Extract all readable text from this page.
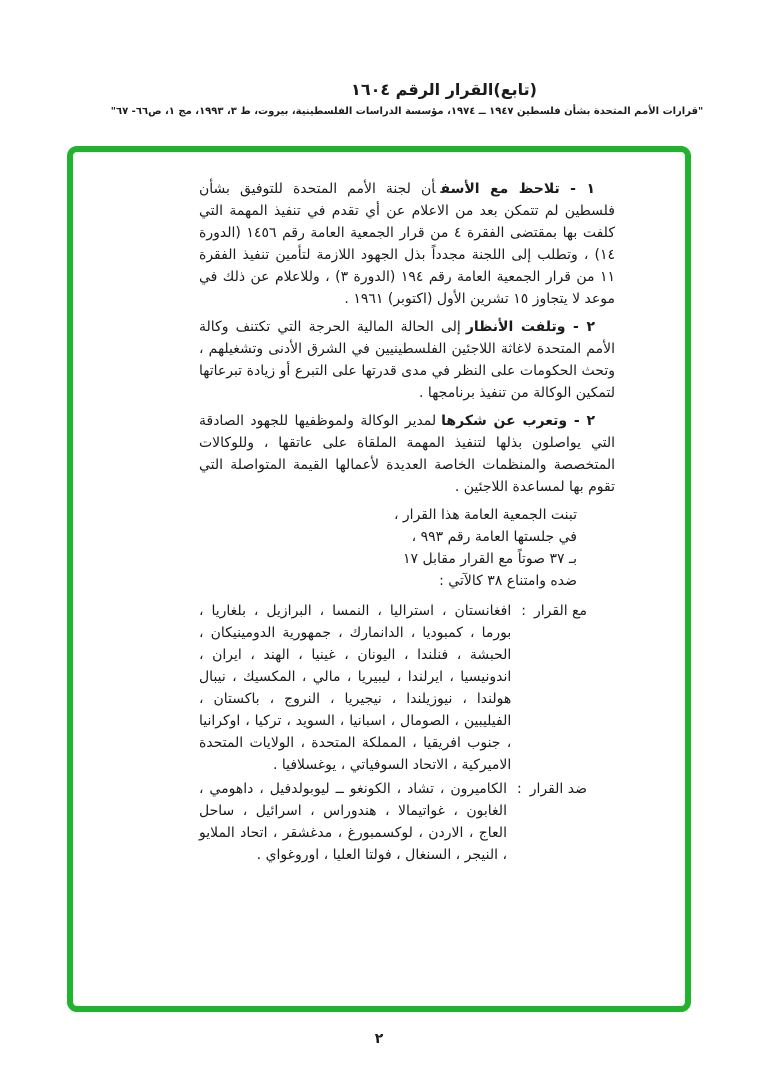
(تابع)القرار الرقم ١٦٠٤
"قرارات الأمم المتحدة بشأن فلسطين ١٩٤٧ ــ ١٩٧٤، مؤسسة الدراسات الفلسطينية، بيروت، ط ٣، ١٩٩٣، مج ١، ص٦٦- ٦٧"

١ - تلاحظ مع الأسفأن لجنة الأمم المتحدة للتوفيق بشأن فلسطين لم تتمكن بعد من الاعلام عن أي تقدم في تنفيذ المهمة التي كلفت بها بمقتضى الفقرة ٤ من قرار الجمعية العامة رقم ١٤٥٦ (الدورة ١٤) ، وتطلب إلى اللجنة مجدداً بذل الجهود اللازمة لتأمين تنفيذ الفقرة ١١ من قرار الجمعية العامة رقم ١٩٤ (الدورة ٣) ، وللاعلام عن ذلك في موعد لا يتجاوز ١٥ تشرين الأول (اكتوبر) ١٩٦١ .

٢ - وتلفت الأنظارإلى الحالة المالية الحرجة التي تكتنف وكالة الأمم المتحدة لاغاثة اللاجئين الفلسطينيين في الشرق الأدنى وتشغيلهم ، وتحث الحكومات على النظر في مدى قدرتها على التبرع أو زيادة تبرعاتها لتمكين الوكالة من تنفيذ برنامجها .

٢ - وتعرب عن شكرهالمدير الوكالة ولموظفيها للجهود الصادقة التي يواصلون بذلها لتنفيذ المهمة الملقاة على عاتقها ، وللوكالات المتخصصة والمنظمات الخاصة العديدة لأعمالها القيمة المتواصلة التي تقوم بها لمساعدة اللاجئين .

تبنت الجمعية العامة هذا القرار ،
في جلستها العامة رقم ٩٩٣ ،
بـ ٣٧ صوتاً مع القرار مقابل ١٧
ضده وامتناع ٣٨ كالآتي :
مع القرار
:
افغانستان ، استراليا ، النمسا ، البرازيل ، بلغاريا ، بورما ، كمبوديا ، الدانمارك ، جمهورية الدومينيكان ، الحبشة ، فنلندا ، اليونان ، غينيا ، الهند ، ايران ، اندونيسيا ، ايرلندا ، ليبيريا ، مالي ، المكسيك ، نيبال هولندا ، نيوزيلندا ، نيجيريا ، النروج ، باكستان ، الفيليبين ، الصومال ، اسبانيا ، السويد ، تركيا ، اوكرانيا ، جنوب افريقيا ، المملكة المتحدة ، الولايات المتحدة الاميركية ، الاتحاد السوفياتي ، يوغسلافيا .
ضد القرار
:
الكاميرون ، تشاد ، الكونغو ــ ليوبولدفيل ، داهومي ، الغابون ، غواتيمالا ، هندوراس ، اسرائيل ، ساحل العاج ، الاردن ، لوكسمبورغ ، مدغشقر ، اتحاد الملايو ، النيجر ، السنغال ، فولتا العليا ، اوروغواي .
٢
